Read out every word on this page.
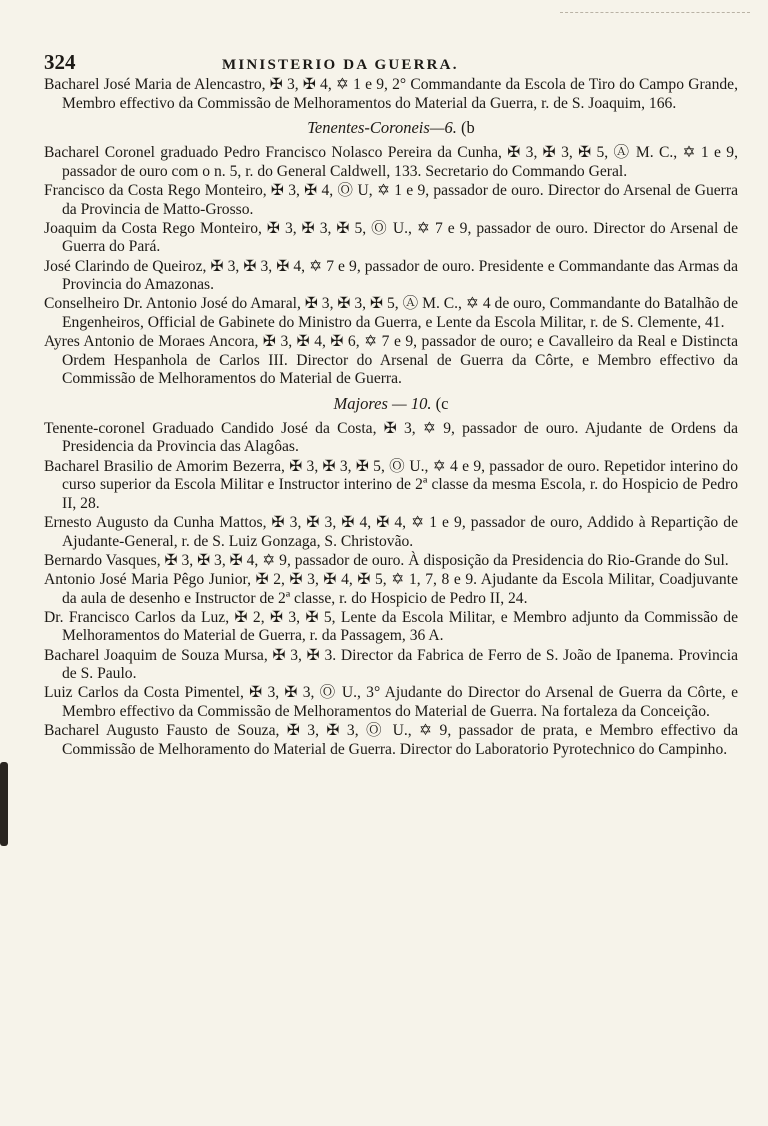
324	MINISTERIO DA GUERRA.

Bacharel José Maria de Alencastro, ✠ 3, ✠ 4, ✡ 1 e 9, 2° Commandante da Escola de Tiro do Campo Grande, Membro effectivo da Commissão de Melhoramentos do Material da Guerra, r. de S. Joaquim, 166.

Tenentes-Coroneis—6. (b

Bacharel Coronel graduado Pedro Francisco Nolasco Pereira da Cunha, ✠ 3, ✠ 3, ✠ 5, Ⓐ M. C., ✡ 1 e 9, passador de ouro com o n. 5, r. do General Caldwell, 133. Secretario do Commando Geral.

Francisco da Costa Rego Monteiro, ✠ 3, ✠ 4, Ⓞ U, ✡ 1 e 9, passador de ouro. Director do Arsenal de Guerra da Provincia de Matto-Grosso.

Joaquim da Costa Rego Monteiro, ✠ 3, ✠ 3, ✠ 5, Ⓞ U., ✡ 7 e 9, passador de ouro. Director do Arsenal de Guerra do Pará.

José Clarindo de Queiroz, ✠ 3, ✠ 3, ✠ 4, ✡ 7 e 9, passador de ouro. Presidente e Commandante das Armas da Provincia do Amazonas.

Conselheiro Dr. Antonio José do Amaral, ✠ 3, ✠ 3, ✠ 5, Ⓐ M. C., ✡ 4 de ouro, Commandante do Batalhão de Engenheiros, Official de Gabinete do Ministro da Guerra, e Lente da Escola Militar, r. de S. Clemente, 41.

Ayres Antonio de Moraes Ancora, ✠ 3, ✠ 4, ✠ 6, ✡ 7 e 9, passador de ouro; e Cavalleiro da Real e Distincta Ordem Hespanhola de Carlos III. Director do Arsenal de Guerra da Côrte, e Membro effectivo da Commissão de Melhoramentos do Material de Guerra.

Majores — 10. (c

Tenente-coronel Graduado Candido José da Costa, ✠ 3, ✡ 9, passador de ouro. Ajudante de Ordens da Presidencia da Provincia das Alagôas.

Bacharel Brasilio de Amorim Bezerra, ✠ 3, ✠ 3, ✠ 5, Ⓞ U., ✡ 4 e 9, passador de ouro. Repetidor interino do curso superior da Escola Militar e Instructor interino de 2ª classe da mesma Escola, r. do Hospicio de Pedro II, 28.

Ernesto Augusto da Cunha Mattos, ✠ 3, ✠ 3, ✠ 4, ✠ 4, ✡ 1 e 9, passador de ouro, Addido à Repartição de Ajudante-General, r. de S. Luiz Gonzaga, S. Christovão.

Bernardo Vasques, ✠ 3, ✠ 3, ✠ 4, ✡ 9, passador de ouro. À disposição da Presidencia do Rio-Grande do Sul.

Antonio José Maria Pêgo Junior, ✠ 2, ✠ 3, ✠ 4, ✠ 5, ✡ 1, 7, 8 e 9. Ajudante da Escola Militar, Coadjuvante da aula de desenho e Instructor de 2ª classe, r. do Hospicio de Pedro II, 24.

Dr. Francisco Carlos da Luz, ✠ 2, ✠ 3, ✠ 5, Lente da Escola Militar, e Membro adjunto da Commissão de Melhoramentos do Material de Guerra, r. da Passagem, 36 A.

Bacharel Joaquim de Souza Mursa, ✠ 3, ✠ 3. Director da Fabrica de Ferro de S. João de Ipanema. Provincia de S. Paulo.

Luiz Carlos da Costa Pimentel, ✠ 3, ✠ 3, Ⓞ U., 3° Ajudante do Director do Arsenal de Guerra da Côrte, e Membro effectivo da Commissão de Melhoramentos do Material de Guerra. Na fortaleza da Conceição.

Bacharel Augusto Fausto de Souza, ✠ 3, ✠ 3, Ⓞ U., ✡ 9, passador de prata, e Membro effectivo da Commissão de Melhoramento do Material de Guerra. Director do Laboratorio Pyrotechnico do Campinho.
